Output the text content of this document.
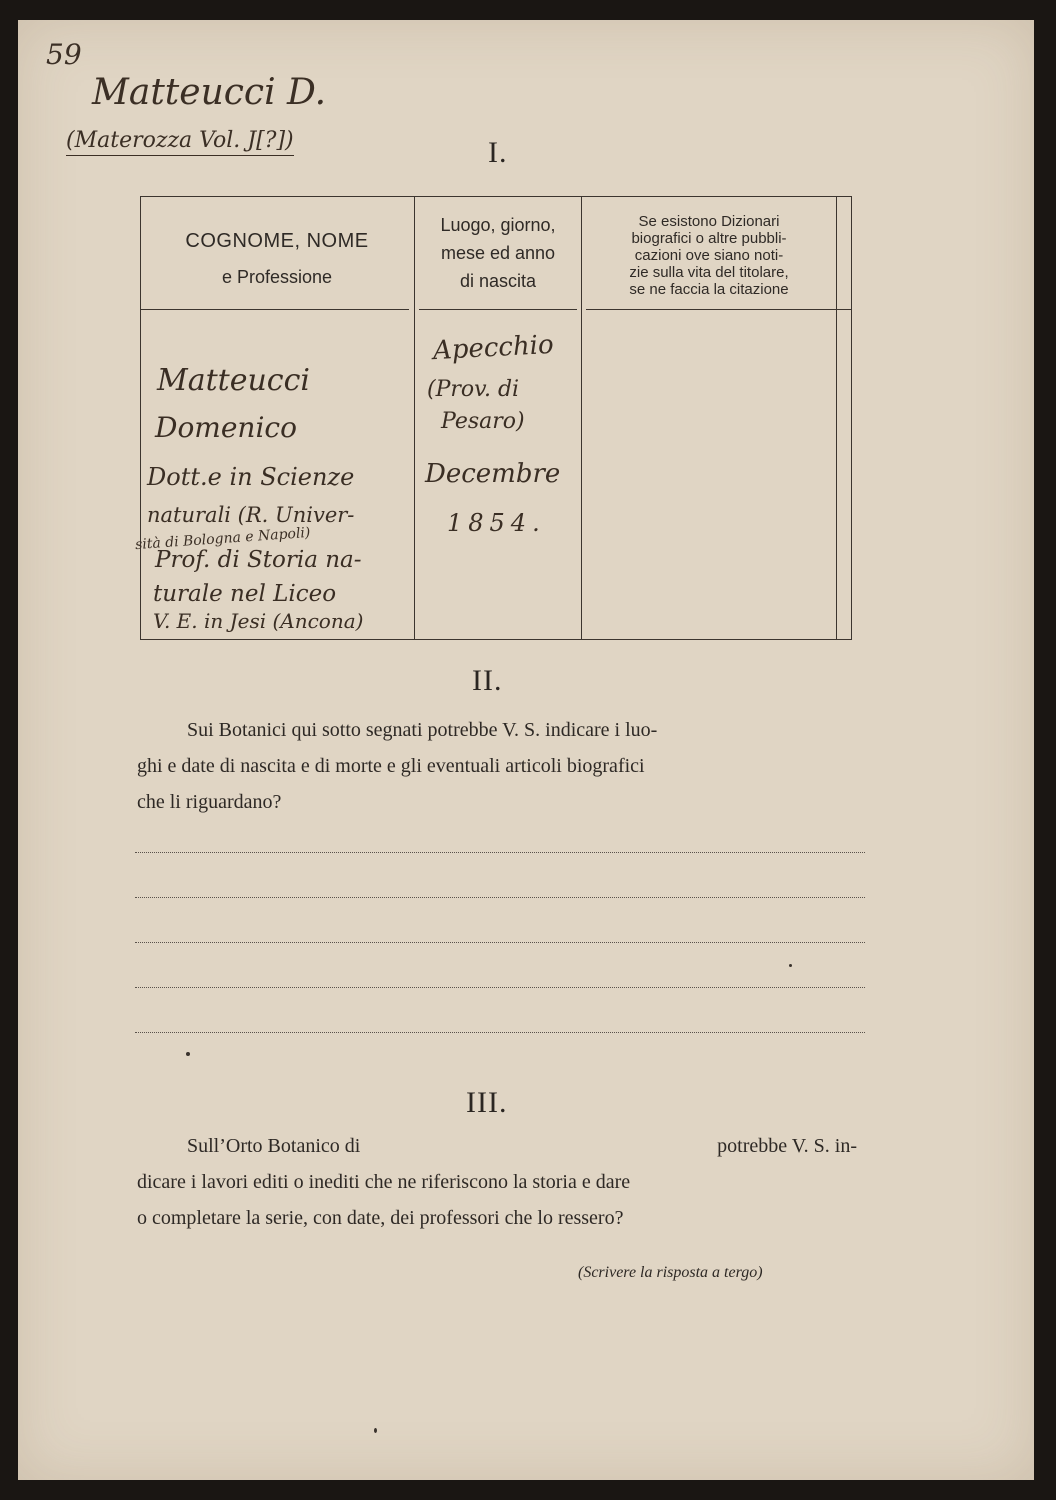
59
Matteucci D.
(Materozza Vol. J[?])	I.
COGNOME, NOME
e Professione
Luogo, giorno,
mese ed anno
di nascita
Se esistono Dizionari
biografici o altre pubbli-
cazioni ove siano noti-
zie sulla vita del titolare,
se ne faccia la citazione
Matteucci
Domenico
Dott.e in Scienze
naturali (R. Univer-
sità di Bologna e Napoli)
Prof. di Storia na-
turale nel Liceo
V. E. in Jesi (Ancona)
Apecchio
(Prov. di
Pesaro)
Decembre
1854.
II.
Sui Botanici qui sotto segnati potrebbe V. S. indicare i luo-
ghi e date di nascita e di morte e gli eventuali articoli biografici
che li riguardano?
III.
Sull’Orto Botanico di	potrebbe V. S. in-
dicare i lavori editi o inediti che ne riferiscono la storia e dare
o completare la serie, con date, dei professori che lo ressero?
(Scrivere la risposta a tergo)
